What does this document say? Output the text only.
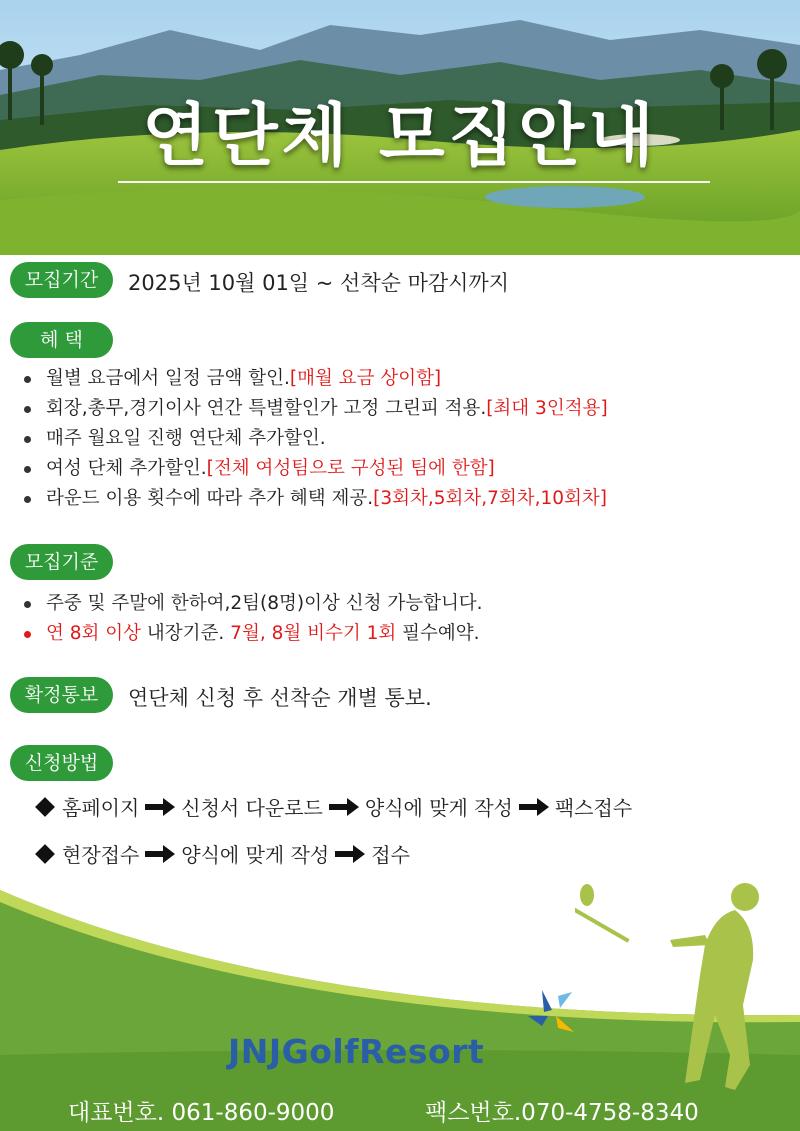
연단체 모집안내
모집기간	2025년 10월 01일 ~ 선착순 마감시까지
혜 택
월별 요금에서 일정 금액 할인.[매월 요금 상이함]
회장,총무,경기이사 연간 특별할인가 고정 그린피 적용.[최대 3인적용]
매주 월요일 진행 연단체 추가할인.
여성 단체 추가할인.[전체 여성팀으로 구성된 팀에 한함]
라운드 이용 횟수에 따라 추가 혜택 제공.[3회차,5회차,7회차,10회차]
모집기준
주중 및 주말에 한하여,2팀(8명)이상 신청 가능합니다.
연 8회 이상 내장기준. 7월, 8월 비수기 1회 필수예약.
확정통보	연단체 신청 후 선착순 개별 통보.
신청방법
홈페이지 신청서 다운로드 양식에 맞게 작성 팩스접수
현장접수 양식에 맞게 작성 접수
JNJGolfResort
대표번호. 061-860-9000	팩스번호.070-4758-8340
